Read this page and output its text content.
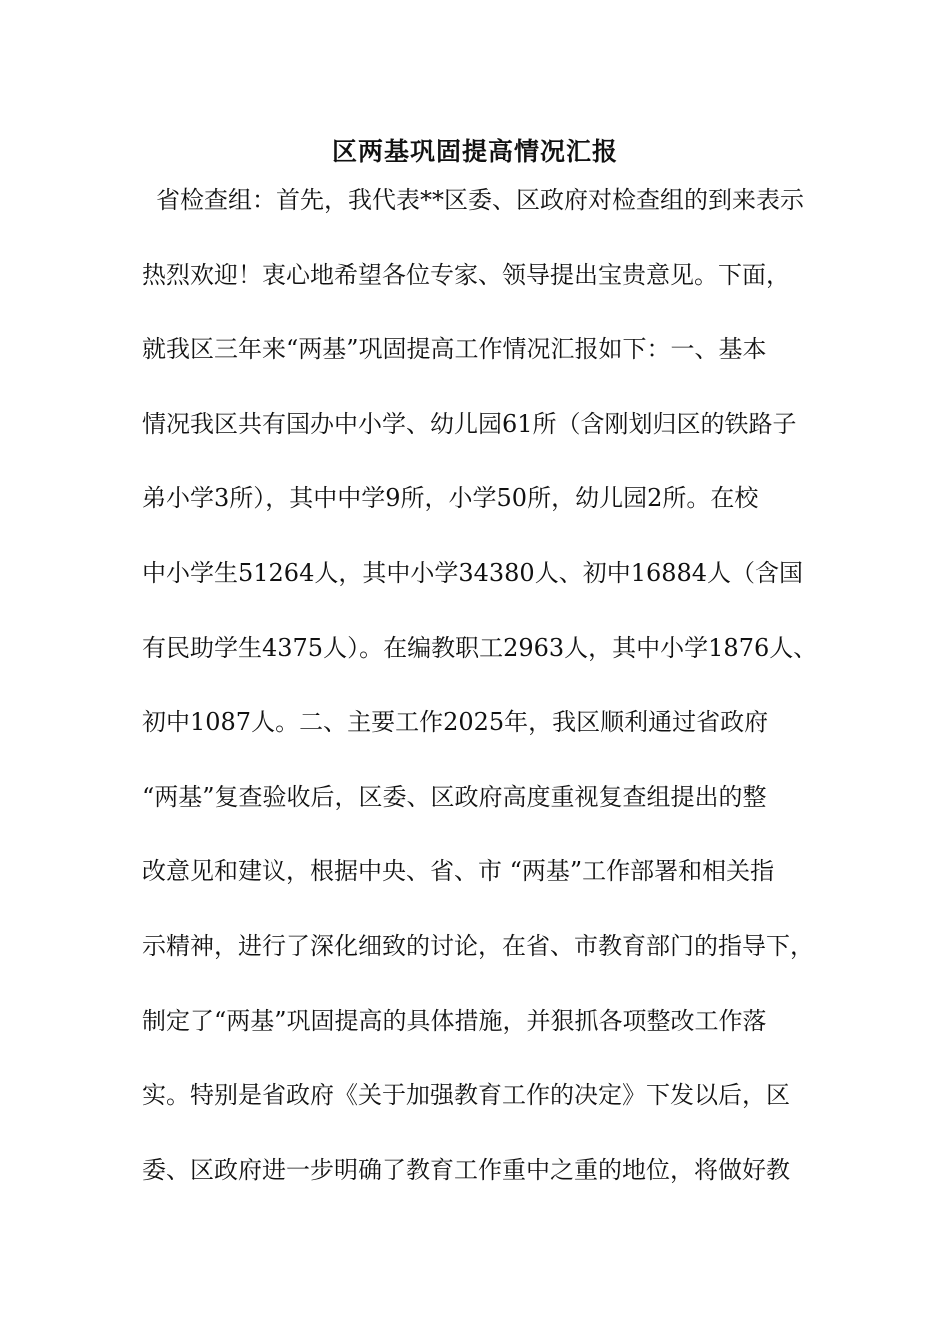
区两基巩固提高情况汇报
省检查组：首先，我代表**区委、区政府对检查组的到来表示
热烈欢迎！衷心地希望各位专家、领导提出宝贵意见。下面，
就我区三年来“两基”巩固提高工作情况汇报如下：一、基本
情况我区共有国办中小学、幼儿园61所（含刚划归区的铁路子
弟小学3所），其中中学9所，小学50所，幼儿园2所。在校
中小学生51264人，其中小学34380人、初中16884人（含国
有民助学生4375人）。在编教职工2963人，其中小学1876人、
初中1087人。二、主要工作2025年，我区顺利通过省政府
“两基”复查验收后，区委、区政府高度重视复查组提出的整
改意见和建议，根据中央、省、市 “两基”工作部署和相关指
示精神，进行了深化细致的讨论，在省、市教育部门的指导下，
制定了“两基”巩固提高的具体措施，并狠抓各项整改工作落
实。特别是省政府《关于加强教育工作的决定》下发以后，区
委、区政府进一步明确了教育工作重中之重的地位，将做好教
